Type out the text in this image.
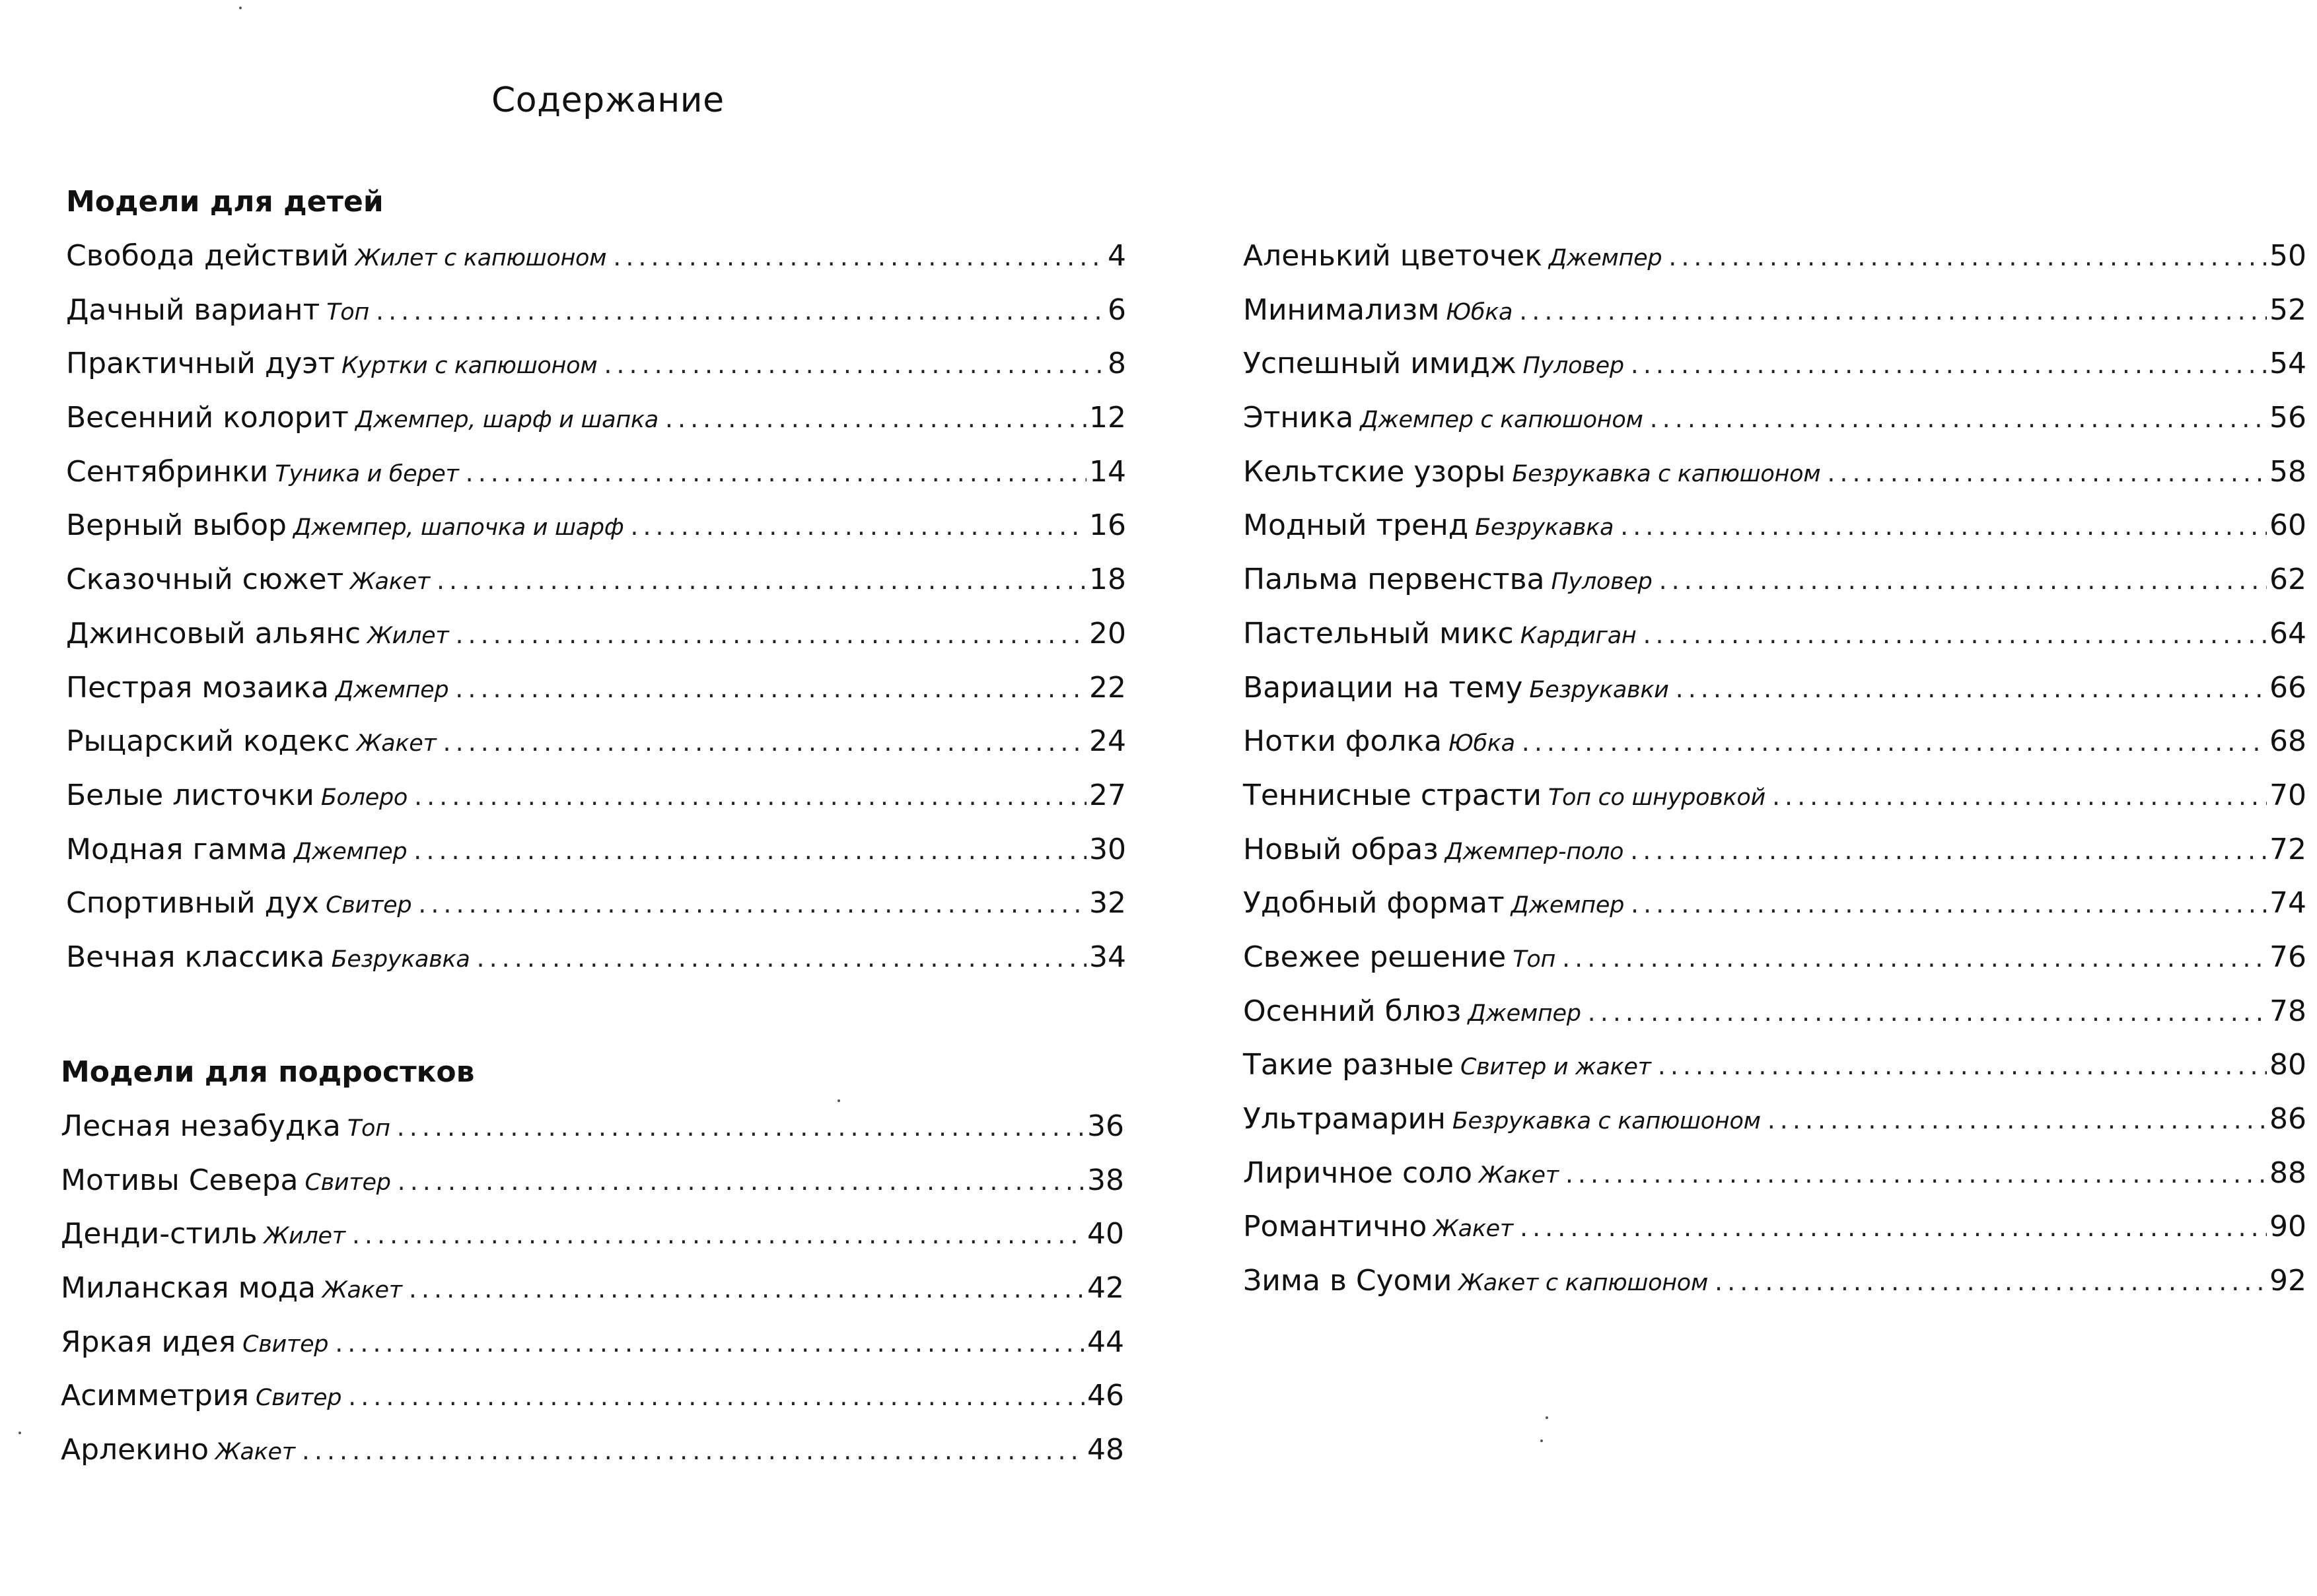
Содержание
Модели для детей
Свобода действий Жилет с капюшоном .....	4
Дачный вариант Топ .....	6
Практичный дуэт Куртки с капюшоном .....	8
Весенний колорит Джемпер, шарф и шапка .....	12
Сентябринки Туника и берет .....	14
Верный выбор Джемпер, шапочка и шарф .....	16
Сказочный сюжет Жакет .....	18
Джинсовый альянс Жилет .....	20
Пестрая мозаика Джемпер .....	22
Рыцарский кодекс Жакет .....	24
Белые листочки Болеро .....	27
Модная гамма Джемпер .....	30
Спортивный дух Свитер .....	32
Вечная классика Безрукавка .....	34
Модели для подростков
Лесная незабудка Топ .....	36
Мотивы Севера Свитер .....	38
Денди-стиль Жилет .....	40
Миланская мода Жакет .....	42
Яркая идея Свитер .....	44
Асимметрия Свитер .....	46
Арлекино Жакет .....	48
Аленький цветочек Джемпер .....	50
Минимализм Юбка .....	52
Успешный имидж Пуловер .....	54
Этника Джемпер с капюшоном .....	56
Кельтские узоры Безрукавка с капюшоном .....	58
Модный тренд Безрукавка .....	60
Пальма первенства Пуловер .....	62
Пастельный микс Кардиган .....	64
Вариации на тему Безрукавки .....	66
Нотки фолка Юбка .....	68
Теннисные страсти Топ со шнуровкой .....	70
Новый образ Джемпер-поло .....	72
Удобный формат Джемпер .....	74
Свежее решение Топ .....	76
Осенний блюз Джемпер .....	78
Такие разные Свитер и жакет .....	80
Ультрамарин Безрукавка с капюшоном .....	86
Лиричное соло Жакет .....	88
Романтично Жакет .....	90
Зима в Суоми Жакет с капюшоном .....	92
